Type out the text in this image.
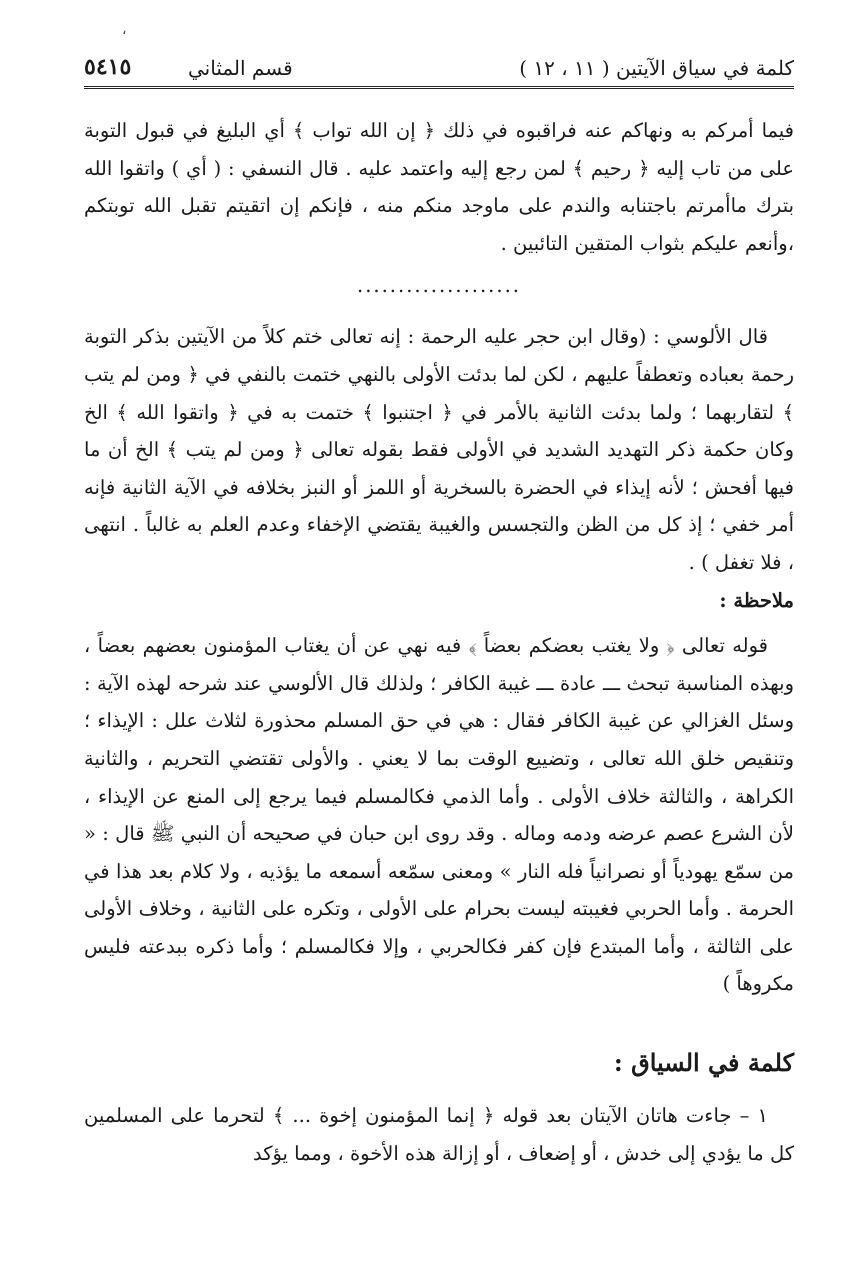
،
كلمة في سياق الآيتين ( ١١ ، ١٢ )
قسم المثاني
٥٤١٥

فيما أمركم به ونهاكم عنه فراقبوه في ذلك ﴿ إن الله تواب ﴾ أي البليغ في قبول التوبة على من تاب إليه ﴿ رحيم ﴾ لمن رجع إليه واعتمد عليه . قال النسفي : ( أي ) واتقوا الله بترك ماأمرتم باجتنابه والندم على ماوجد منكم منه ، فإنكم إن اتقيتم تقبل الله توبتكم ،وأنعم عليكم بثواب المتقين التائبين .

....................

قال الألوسي : (وقال ابن حجر عليه الرحمة : إنه تعالى ختم كلاً من الآيتين بذكر التوبة رحمة بعباده وتعطفاً عليهم ، لكن لما بدئت الأولى بالنهي ختمت بالنفي في ﴿ ومن لم يتب ﴾ لتقاربهما ؛ ولما بدئت الثانية بالأمر في ﴿ اجتنبوا ﴾ ختمت به في ﴿ واتقوا الله ﴾ الخ وكان حكمة ذكر التهديد الشديد في الأولى فقط بقوله تعالى ﴿ ومن لم يتب ﴾ الخ أن ما فيها أفحش ؛ لأنه إيذاء في الحضرة بالسخرية أو اللمز أو النبز بخلافه في الآية الثانية فإنه أمر خفي ؛ إذ كل من الظن والتجسس والغيبة يقتضي الإخفاء وعدم العلم به غالباً . انتهى ، فلا تغفل ) .

ملاحظة :

قوله تعالى ﴿ ولا يغتب بعضكم بعضاً ﴾ فيه نهي عن أن يغتاب المؤمنون بعضهم بعضاً ، وبهذه المناسبة تبحث ـــ عادة ـــ غيبة الكافر ؛ ولذلك قال الألوسي عند شرحه لهذه الآية : وسئل الغزالي عن غيبة الكافر فقال : هي في حق المسلم محذورة لثلاث علل : الإيذاء ؛ وتنقيص خلق الله تعالى ، وتضييع الوقت بما لا يعني . والأولى تقتضي التحريم ، والثانية الكراهة ، والثالثة خلاف الأولى . وأما الذمي فكالمسلم فيما يرجع إلى المنع عن الإيذاء ، لأن الشرع عصم عرضه ودمه وماله . وقد روى ابن حبان في صحيحه أن النبي ﷺ قال : « من سمّع يهودياً أو نصرانياً فله النار » ومعنى سمّعه أسمعه ما يؤذيه ، ولا كلام بعد هذا في الحرمة . وأما الحربي فغيبته ليست بحرام على الأولى ، وتكره على الثانية ، وخلاف الأولى على الثالثة ، وأما المبتدع فإن كفر فكالحربي ، وإلا فكالمسلم ؛ وأما ذكره ببدعته فليس مكروهاً )

كلمة في السياق :

١ – جاءت هاتان الآيتان بعد قوله ﴿ إنما المؤمنون إخوة ... ﴾ لتحرما على المسلمين كل ما يؤدي إلى خدش ، أو إضعاف ، أو إزالة هذه الأخوة ، ومما يؤكد
